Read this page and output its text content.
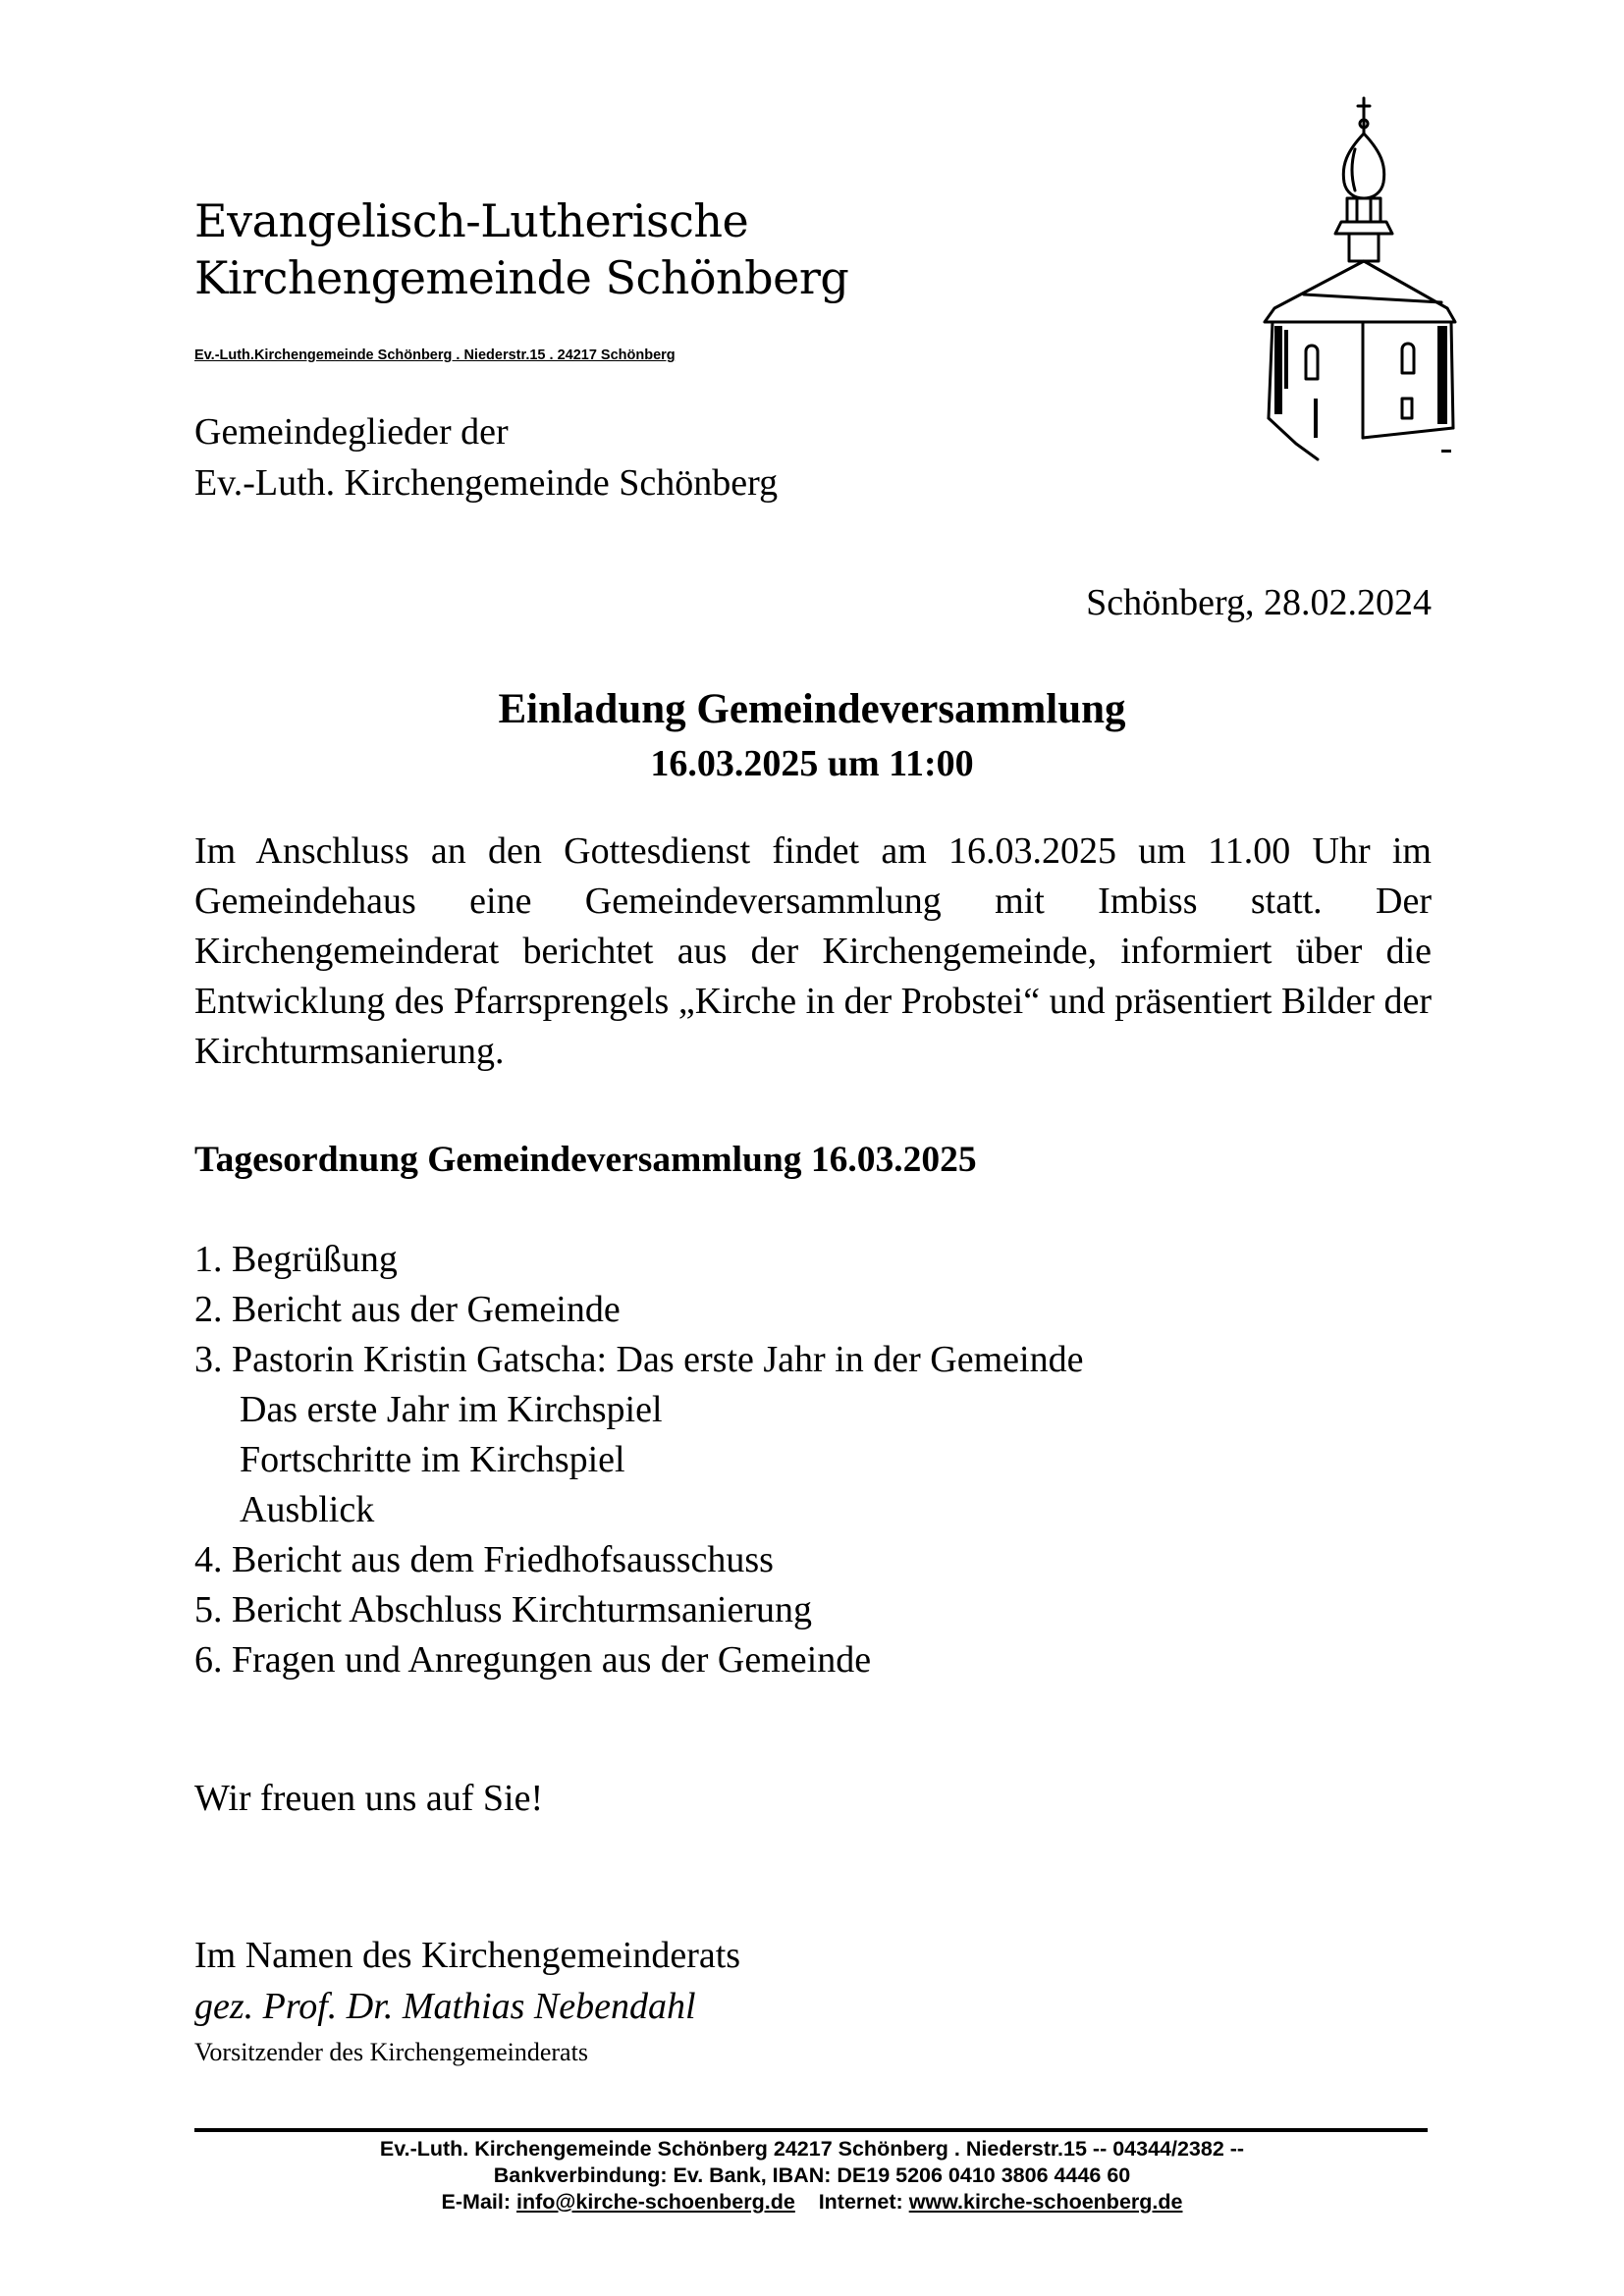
Evangelisch-Lutherische
Kirchengemeinde Schönberg
Ev.-Luth.Kirchengemeinde Schönberg . Niederstr.15 . 24217 Schönberg
Gemeindeglieder der
Ev.-Luth. Kirchengemeinde Schönberg
Schönberg, 28.02.2024
Einladung Gemeindeversammlung
16.03.2025 um 11:00

Im Anschluss an den Gottesdienst findet am 16.03.2025 um 11.00 Uhr im Gemeindehaus eine Gemeindeversammlung mit Imbiss statt. Der Kirchengemeinderat berichtet aus der Kirchengemeinde, informiert über die Entwicklung des Pfarrsprengels „Kirche in der Probstei“ und präsentiert Bilder der Kirchturmsanierung.

Tagesordnung Gemeindeversammlung 16.03.2025
1. Begrüßung
2. Bericht aus der Gemeinde
3. Pastorin Kristin Gatscha: Das erste Jahr in der Gemeinde
Das erste Jahr im Kirchspiel
Fortschritte im Kirchspiel
Ausblick
4. Bericht aus dem Friedhofsausschuss
5. Bericht Abschluss Kirchturmsanierung
6. Fragen und Anregungen aus der Gemeinde
Wir freuen uns auf Sie!
Im Namen des Kirchengemeinderats
gez. Prof. Dr. Mathias Nebendahl
Vorsitzender des Kirchengemeinderats
Ev.-Luth. Kirchengemeinde Schönberg 24217 Schönberg . Niederstr.15 -- 04344/2382 --
Bankverbindung: Ev. Bank, IBAN: DE19 5206 0410 3806 4446 60
E-Mail: info@kirche-schoenberg.de Internet: www.kirche-schoenberg.de
